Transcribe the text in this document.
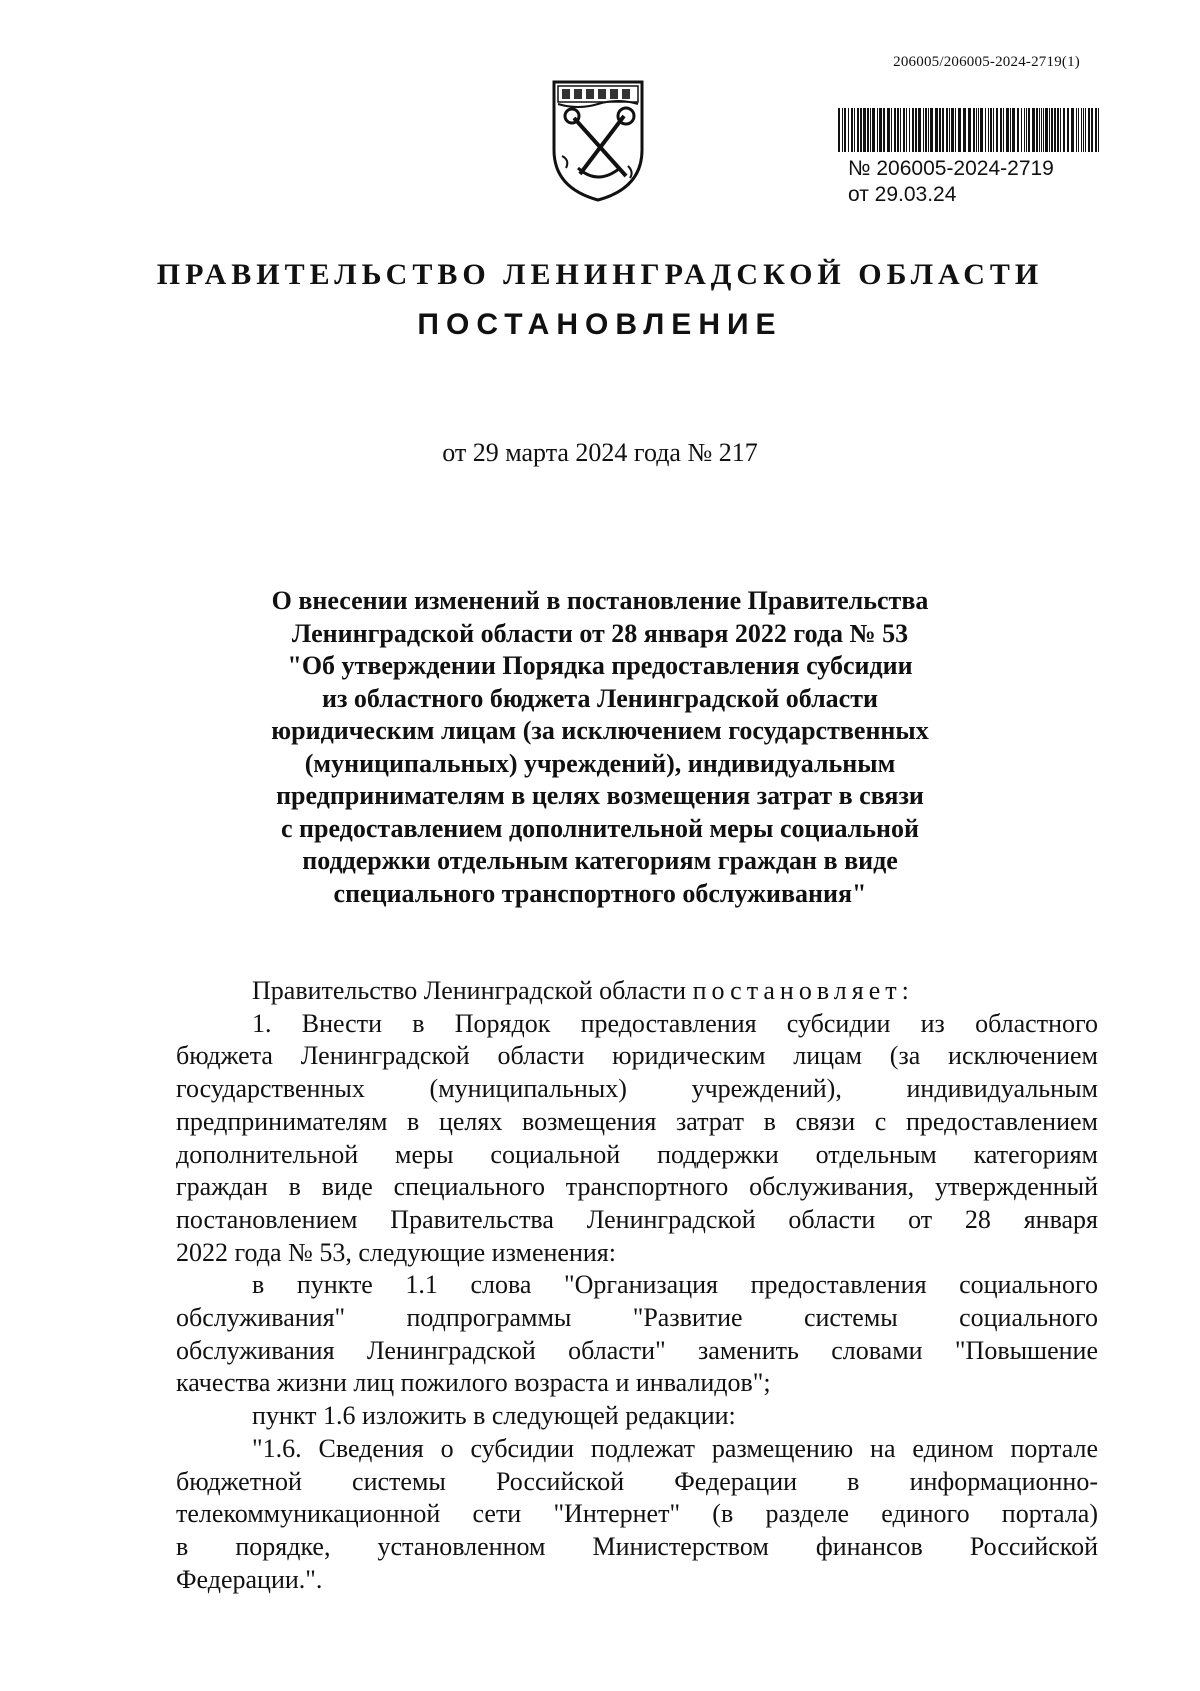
206005/206005-2024-2719(1)
№ 206005-2024-2719
от 29.03.24
ПРАВИТЕЛЬСТВО ЛЕНИНГРАДСКОЙ ОБЛАСТИ
ПОСТАНОВЛЕНИЕ
от 29 марта 2024 года № 217
О внесении изменений в постановление Правительства
Ленинградской области от 28 января 2022 года № 53
"Об утверждении Порядка предоставления субсидии
из областного бюджета Ленинградской области
юридическим лицам (за исключением государственных
(муниципальных) учреждений), индивидуальным
предпринимателям в целях возмещения затрат в связи
с предоставлением дополнительной меры социальной
поддержки отдельным категориям граждан в виде
специального транспортного обслуживания"
Правительство Ленинградской области постановляет:
1. Внести в Порядок предоставления субсидии из областного
бюджета Ленинградской области юридическим лицам (за исключением
государственных (муниципальных) учреждений), индивидуальным
предпринимателям в целях возмещения затрат в связи с предоставлением
дополнительной меры социальной поддержки отдельным категориям
граждан в виде специального транспортного обслуживания, утвержденный
постановлением Правительства Ленинградской области от 28 января
2022 года № 53, следующие изменения:
в пункте 1.1 слова "Организация предоставления социального
обслуживания" подпрограммы "Развитие системы социального
обслуживания Ленинградской области" заменить словами "Повышение
качества жизни лиц пожилого возраста и инвалидов";
пункт 1.6 изложить в следующей редакции:
"1.6. Сведения о субсидии подлежат размещению на едином портале
бюджетной системы Российской Федерации в информационно-
телекоммуникационной сети "Интернет" (в разделе единого портала)
в порядке, установленном Министерством финансов Российской
Федерации.".
